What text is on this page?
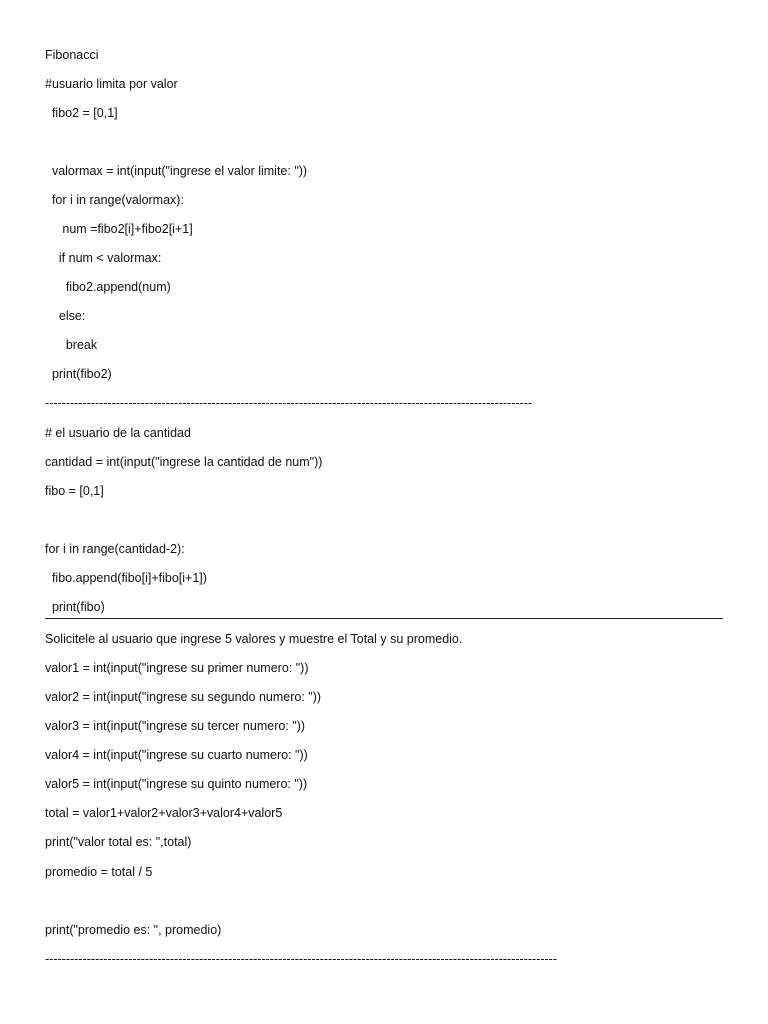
Fibonacci
#usuario limita por valor
fibo2 = [0,1]
valormax = int(input("ingrese el valor limite: "))
for i in range(valormax):
num =fibo2[i]+fibo2[i+1]
if num < valormax:
fibo2.append(num)
else:
break
print(fibo2)
---------------------------------------------------------------------------------------------------------------------
# el usuario de la cantidad
cantidad = int(input("ingrese la cantidad de num"))
fibo = [0,1]
for i in range(cantidad-2):
fibo.append(fibo[i]+fibo[i+1])
print(fibo)
Solicitele al usuario que ingrese 5 valores y muestre el Total y su promedio.
valor1 = int(input("ingrese su primer numero: "))
valor2 = int(input("ingrese su segundo numero: "))
valor3 = int(input("ingrese su tercer numero: "))
valor4 = int(input("ingrese su cuarto numero: "))
valor5 = int(input("ingrese su quinto numero: "))
total = valor1+valor2+valor3+valor4+valor5
print("valor total es: ",total)
promedio = total / 5
print("promedio es: ", promedio)
---------------------------------------------------------------------------------------------------------------------------
